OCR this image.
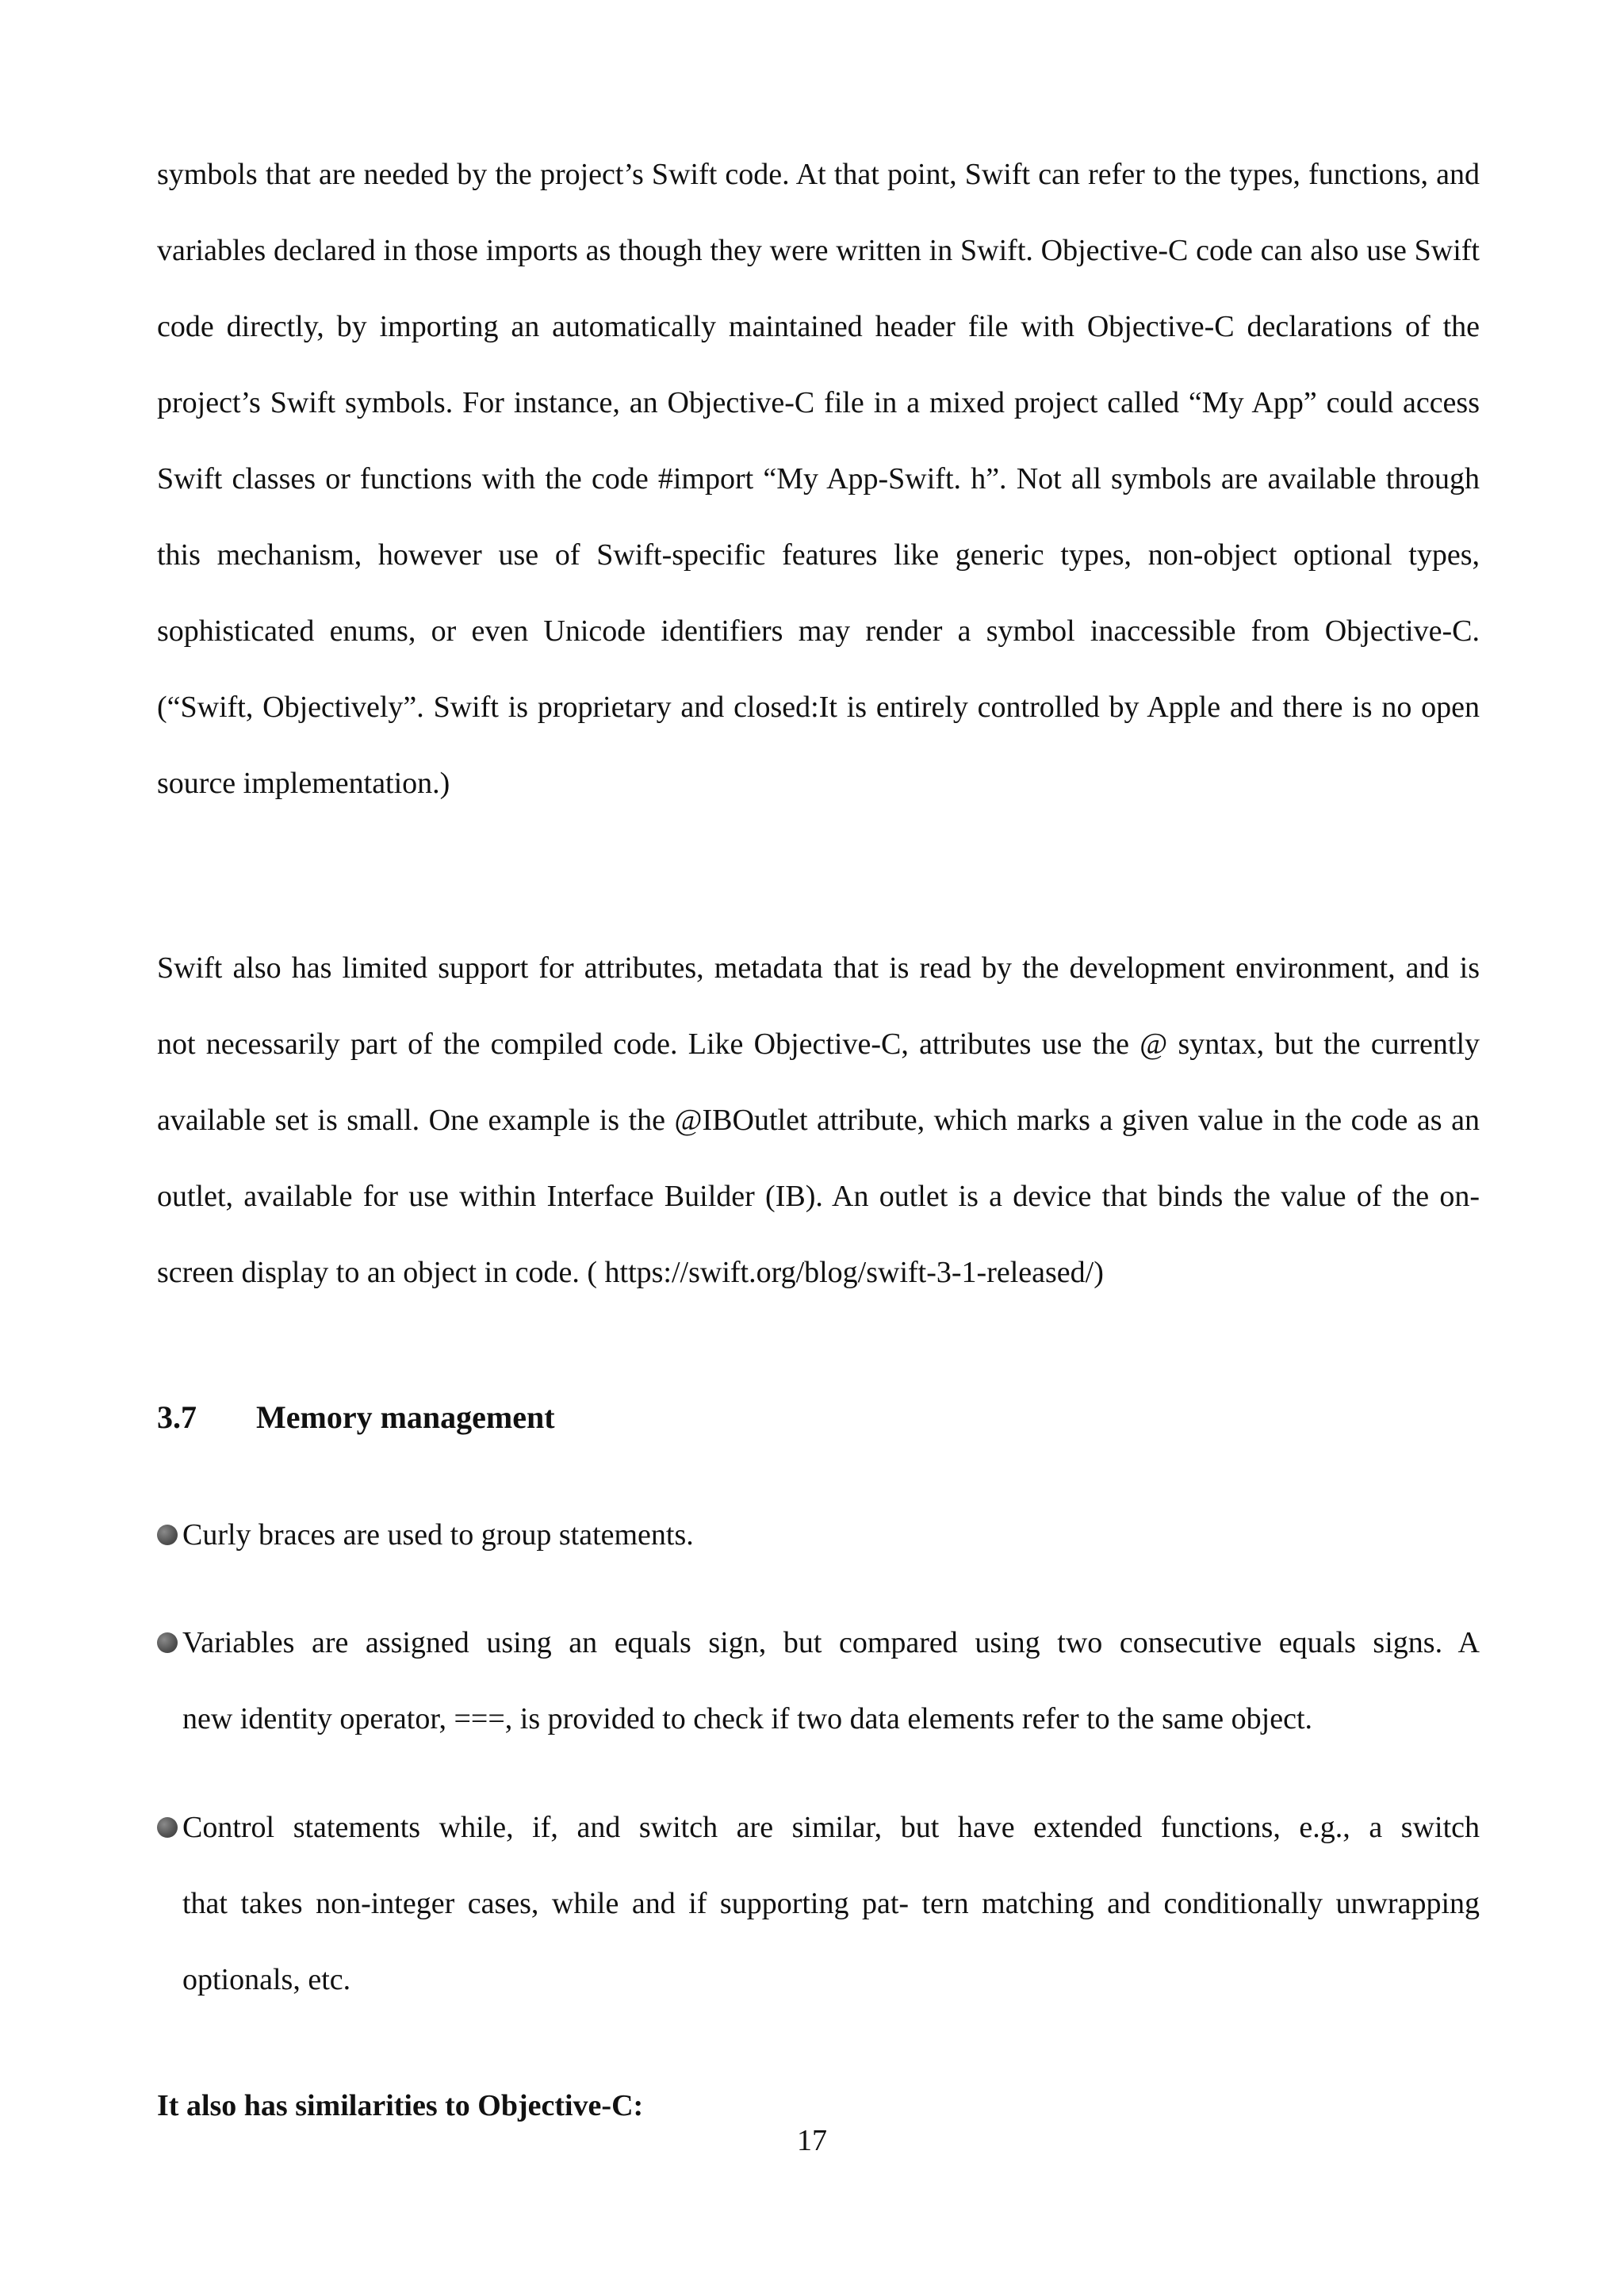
symbols that are needed by the project’s Swift code. At that point, Swift can refer to the types, functions, and variables declared in those imports as though they were written in Swift. Objective-C code can also use Swift code directly, by importing an automatically maintained header file with Objective-C declarations of the project’s Swift symbols. For instance, an Objective-C file in a mixed project called “My App” could access Swift classes or functions with the code #import “My App-Swift. h”. Not all symbols are available through this mechanism, however use of Swift-specific features like generic types, non-object optional types, sophisticated enums, or even Unicode identifiers may render a symbol inaccessible from Objective-C. (“Swift, Objectively”. Swift is proprietary and closed:It is entirely controlled by Apple and there is no open source implementation.)

Swift also has limited support for attributes, metadata that is read by the development environment, and is not necessarily part of the compiled code. Like Objective-C, attributes use the @ syntax, but the currently available set is small. One example is the @IBOutlet attribute, which marks a given value in the code as an outlet, available for use within Interface Builder (IB). An outlet is a device that binds the value of the on-screen display to an object in code. ( https://swift.org/blog/swift-3-1-released/)

3.7 Memory management
Curly braces are used to group statements.
Variables are assigned using an equals sign, but compared using two consecutive equals signs. A
new identity operator, ===, is provided to check if two data elements refer to the same object.
Control statements while, if, and switch are similar, but have extended functions, e.g., a switch
that takes non-integer cases, while and if supporting pat- tern matching and conditionally unwrapping optionals, etc.

It also has similarities to Objective-C:

17
